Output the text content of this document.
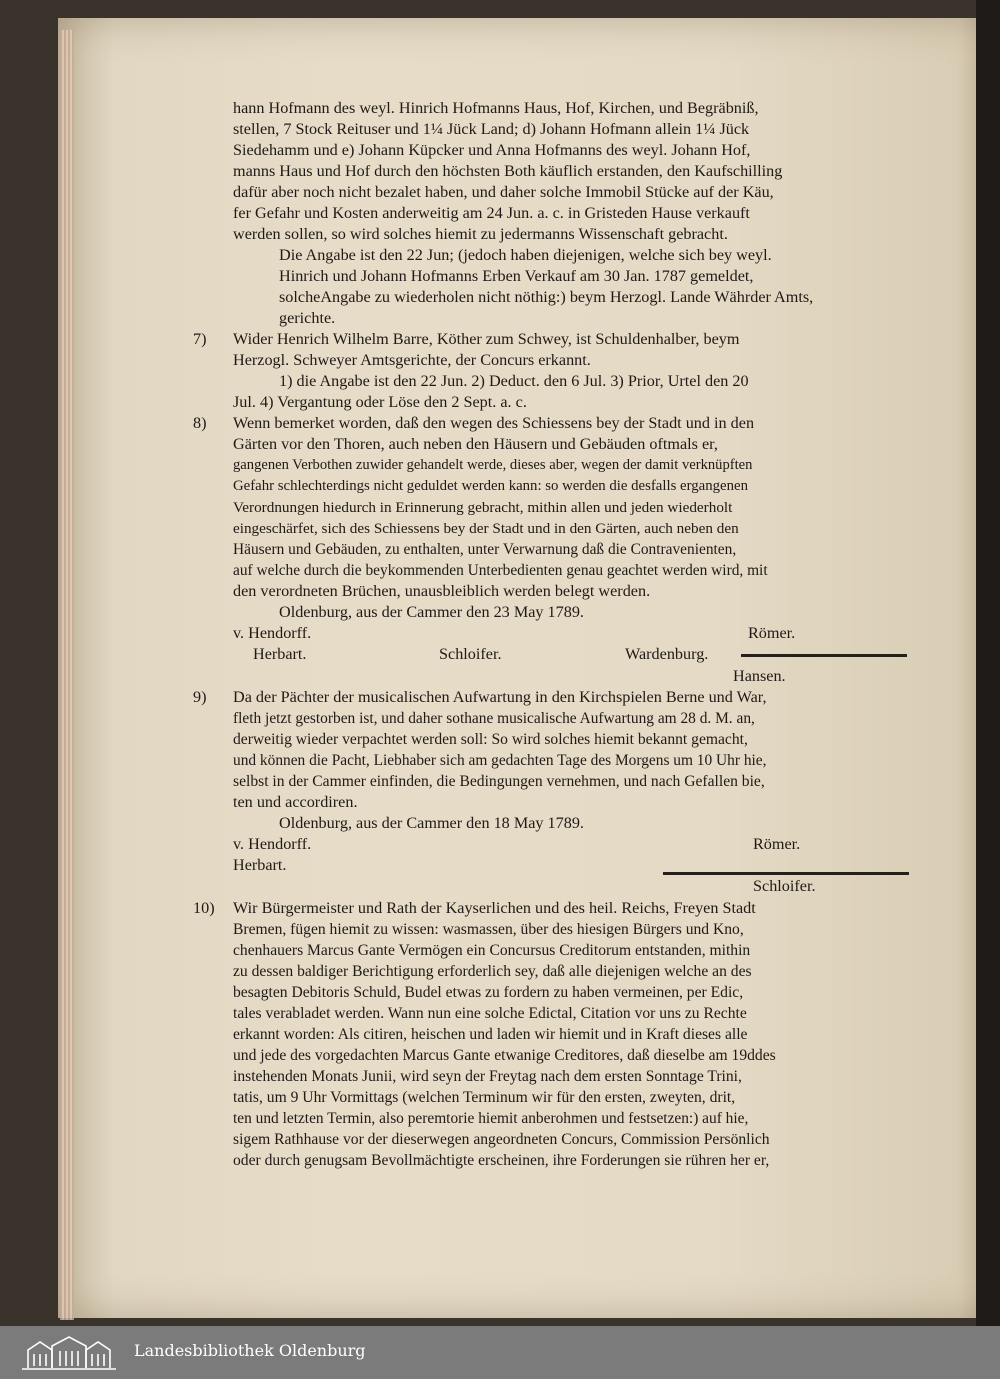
hann Hofmann des weyl. Hinrich Hofmanns Haus, Hof, Kirchen, und Begräbniß,
stellen, 7 Stock Reituser und 1¼ Jück Land; d) Johann Hofmann allein 1¼ Jück
Siedehamm und e) Johann Küpcker und Anna Hofmanns des weyl. Johann Hof,
manns Haus und Hof durch den höchsten Both käuflich erstanden, den Kaufschilling
dafür aber noch nicht bezalet haben, und daher solche Immobil Stücke auf der Käu,
fer Gefahr und Kosten anderweitig am 24 Jun. a. c. in Gristeden Hause verkauft
werden sollen, so wird solches hiemit zu jedermanns Wissenschaft gebracht.
Die Angabe ist den 22 Jun; (jedoch haben diejenigen, welche sich bey weyl.
Hinrich und Johann Hofmanns Erben Verkauf am 30 Jan. 1787 gemeldet,
solcheAngabe zu wiederholen nicht nöthig:) beym Herzogl. Lande Währder Amts,
gerichte.
7) Wider Henrich Wilhelm Barre, Köther zum Schwey, ist Schuldenhalber, beym
Herzogl. Schweyer Amtsgerichte, der Concurs erkannt.
1) die Angabe ist den 22 Jun. 2) Deduct. den 6 Jul. 3) Prior, Urtel den 20
Jul. 4) Vergantung oder Löse den 2 Sept. a. c.
8) Wenn bemerket worden, daß den wegen des Schiessens bey der Stadt und in den
Gärten vor den Thoren, auch neben den Häusern und Gebäuden oftmals er,
gangenen Verbothen zuwider gehandelt werde, dieses aber, wegen der damit verknüpften
Gefahr schlechterdings nicht geduldet werden kann: so werden die desfalls ergangenen
Verordnungen hiedurch in Erinnerung gebracht, mithin allen und jeden wiederholt
eingeschärfet, sich des Schiessens bey der Stadt und in den Gärten, auch neben den
Häusern und Gebäuden, zu enthalten, unter Verwarnung daß die Contravenienten,
auf welche durch die beykommenden Unterbedienten genau geachtet werden wird, mit
den verordneten Brüchen, unausbleiblich werden belegt werden.
Oldenburg, aus der Cammer den 23 May 1789.
v. Hendorff.	Römer.
Herbart.	Schloifer.	Wardenburg.
Hansen.
9) Da der Pächter der musicalischen Aufwartung in den Kirchspielen Berne und War,
fleth jetzt gestorben ist, und daher sothane musicalische Aufwartung am 28 d. M. an,
derweitig wieder verpachtet werden soll: So wird solches hiemit bekannt gemacht,
und können die Pacht, Liebhaber sich am gedachten Tage des Morgens um 10 Uhr hie,
selbst in der Cammer einfinden, die Bedingungen vernehmen, und nach Gefallen bie,
ten und accordiren.
Oldenburg, aus der Cammer den 18 May 1789.
v. Hendorff.	Römer.
Herbart.
Schloifer.
10) Wir Bürgermeister und Rath der Kayserlichen und des heil. Reichs, Freyen Stadt
Bremen, fügen hiemit zu wissen: wasmassen, über des hiesigen Bürgers und Kno,
chenhauers Marcus Gante Vermögen ein Concursus Creditorum entstanden, mithin
zu dessen baldiger Berichtigung erforderlich sey, daß alle diejenigen welche an des
besagten Debitoris Schuld, Budel etwas zu fordern zu haben vermeinen, per Edic,
tales verabladet werden. Wann nun eine solche Edictal, Citation vor uns zu Rechte
erkannt worden: Als citiren, heischen und laden wir hiemit und in Kraft dieses alle
und jede des vorgedachten Marcus Gante etwanige Creditores, daß dieselbe am 19ddes
instehenden Monats Junii, wird seyn der Freytag nach dem ersten Sonntage Trini,
tatis, um 9 Uhr Vormittags (welchen Terminum wir für den ersten, zweyten, drit,
ten und letzten Termin, also peremtorie hiemit anberohmen und festsetzen:) auf hie,
sigem Rathhause vor der dieserwegen angeordneten Concurs, Commission Persönlich
oder durch genugsam Bevollmächtigte erscheinen, ihre Forderungen sie rühren her er,
Landesbibliothek Oldenburg
